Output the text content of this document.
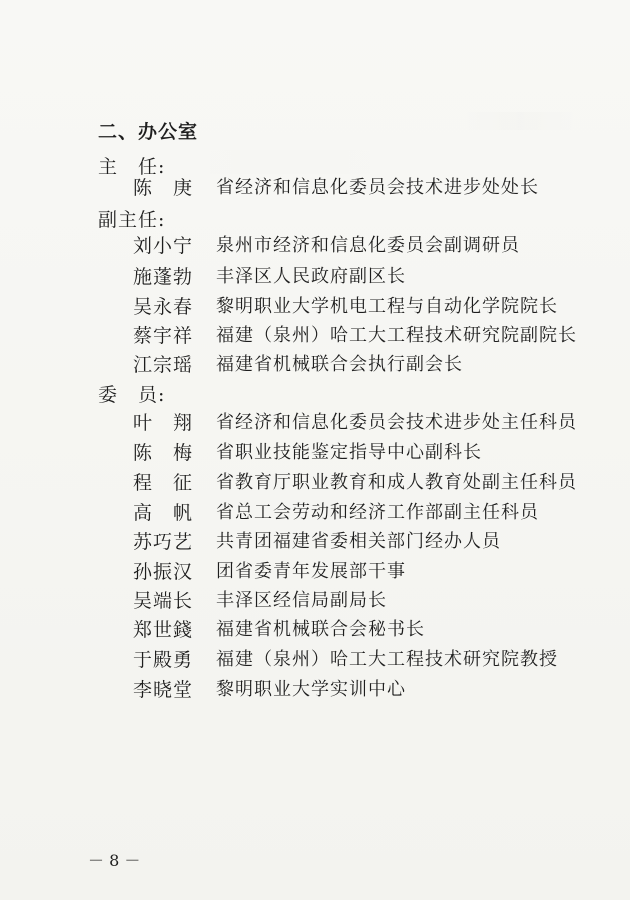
二、办公室
主　任:
陈　庚	省经济和信息化委员会技术进步处处长
副主任:
刘小宁	泉州市经济和信息化委员会副调研员
施蓬勃	丰泽区人民政府副区长
吴永春	黎明职业大学机电工程与自动化学院院长
蔡宇祥	福建（泉州）哈工大工程技术研究院副院长
江宗瑶	福建省机械联合会执行副会长
委　员:
叶　翔	省经济和信息化委员会技术进步处主任科员
陈　梅	省职业技能鉴定指导中心副科长
程　征	省教育厅职业教育和成人教育处副主任科员
高　帆	省总工会劳动和经济工作部副主任科员
苏巧艺	共青团福建省委相关部门经办人员
孙振汉	团省委青年发展部干事
吴端长	丰泽区经信局副局长
郑世錢	福建省机械联合会秘书长
于殿勇	福建（泉州）哈工大工程技术研究院教授
李晓堂	黎明职业大学实训中心
－ 8 －
